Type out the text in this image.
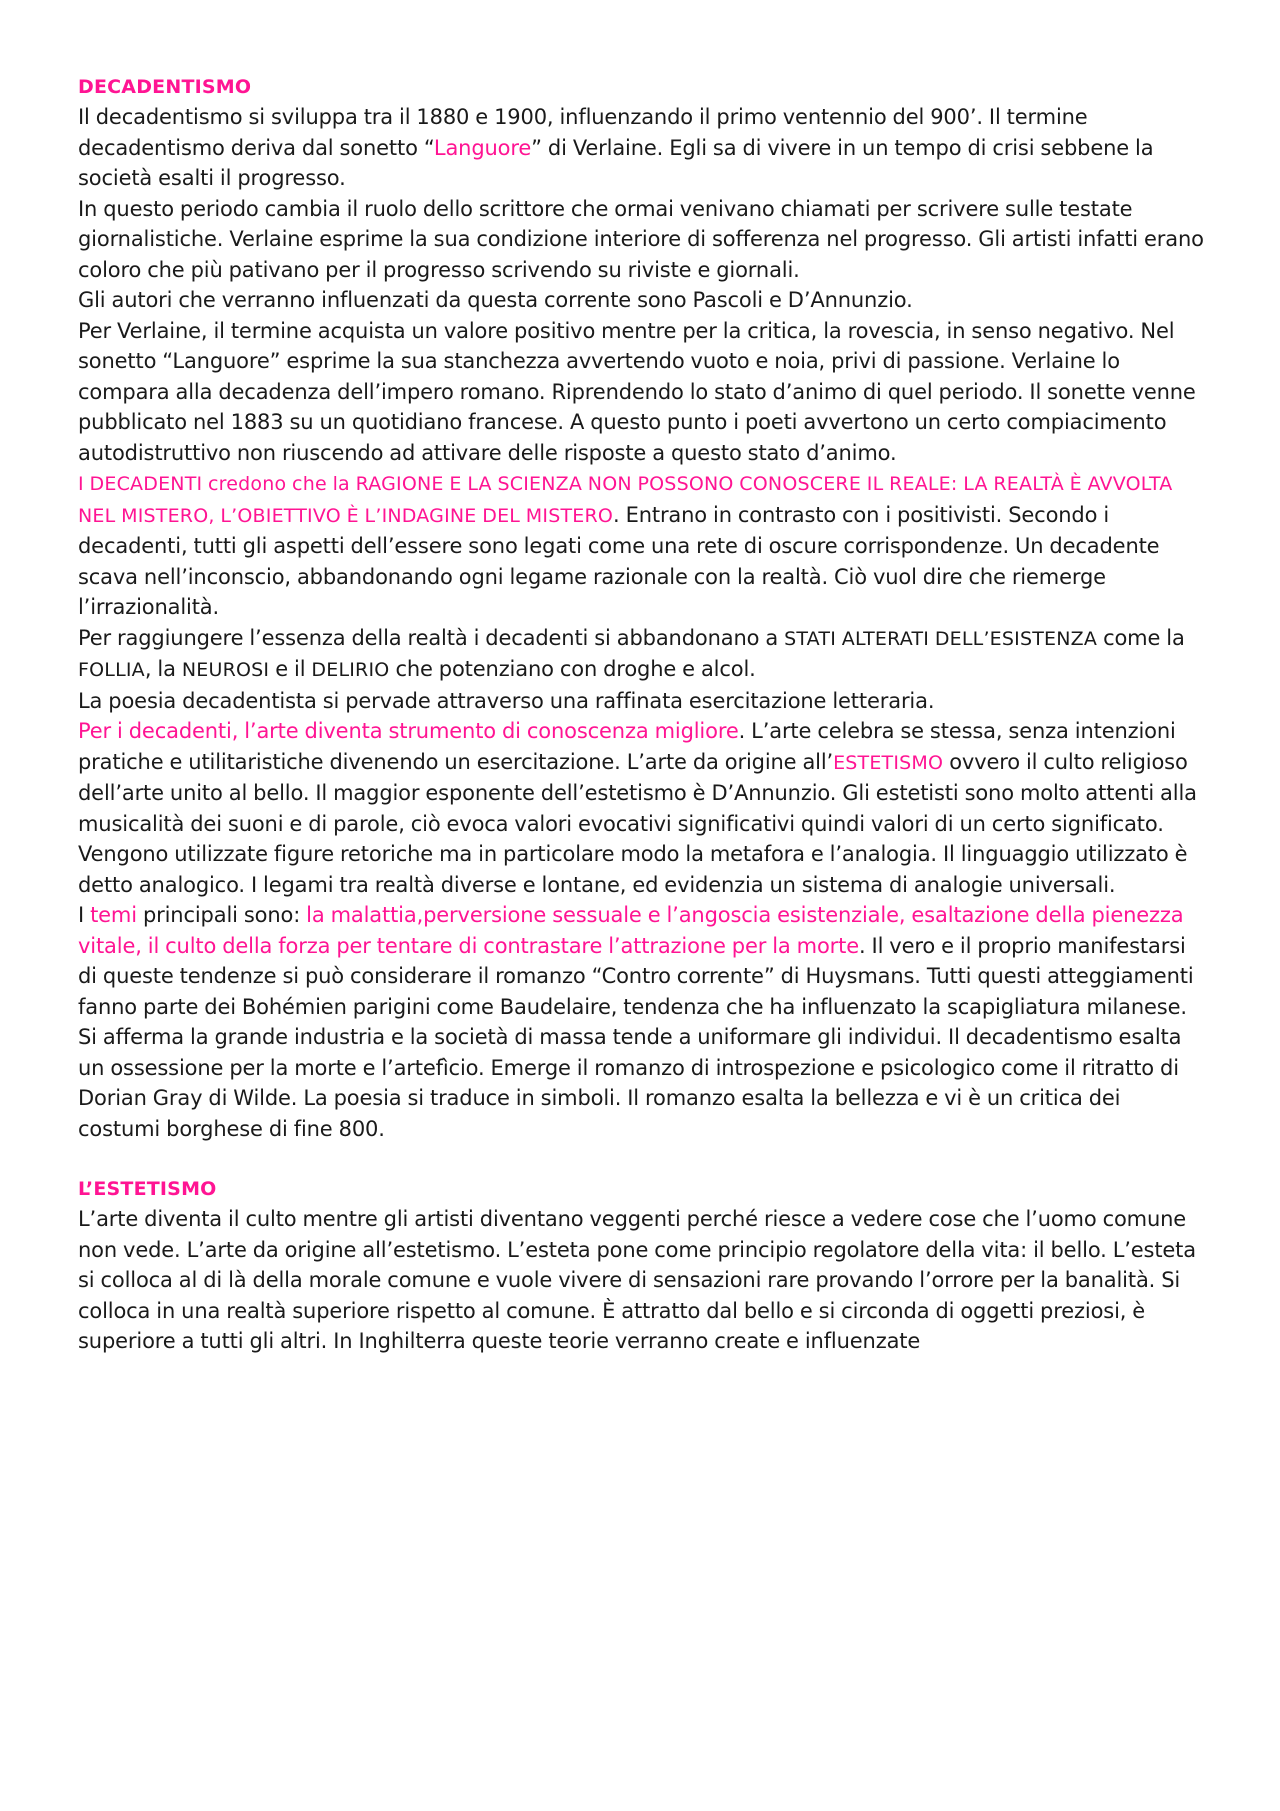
DECADENTISMO

Il decadentismo si sviluppa tra il 1880 e 1900, influenzando il primo ventennio del 900’. Il termine decadentismo deriva dal sonetto “Languore” di Verlaine. Egli sa di vivere in un tempo di crisi sebbene la società esalti il progresso.

In questo periodo cambia il ruolo dello scrittore che ormai venivano chiamati per scrivere sulle testate giornalistiche. Verlaine esprime la sua condizione interiore di sofferenza nel progresso. Gli artisti infatti erano coloro che più pativano per il progresso scrivendo su riviste e giornali.

Gli autori che verranno influenzati da questa corrente sono Pascoli e D’Annunzio.

Per Verlaine, il termine acquista un valore positivo mentre per la critica, la rovescia, in senso negativo. Nel sonetto “Languore” esprime la sua stanchezza avvertendo vuoto e noia, privi di passione. Verlaine lo compara alla decadenza dell’impero romano. Riprendendo lo stato d’animo di quel periodo. Il sonette venne pubblicato nel 1883 su un quotidiano francese. A questo punto i poeti avvertono un certo compiacimento autodistruttivo non riuscendo ad attivare delle risposte a questo stato d’animo.

I DECADENTI credono che la RAGIONE E LA SCIENZA NON POSSONO CONOSCERE IL REALE: LA REALTÀ È AVVOLTA NEL MISTERO, L’OBIETTIVO È L’INDAGINE DEL MISTERO. Entrano in contrasto con i positivisti. Secondo i decadenti, tutti gli aspetti dell’essere sono legati come una rete di oscure corrispondenze. Un decadente scava nell’inconscio, abbandonando ogni legame razionale con la realtà. Ciò vuol dire che riemerge l’irrazionalità.

Per raggiungere l’essenza della realtà i decadenti si abbandonano a STATI ALTERATI DELL’ESISTENZA come la FOLLIA, la NEUROSI e il DELIRIO che potenziano con droghe e alcol.

La poesia decadentista si pervade attraverso una raffinata esercitazione letteraria.

Per i decadenti, l’arte diventa strumento di conoscenza migliore. L’arte celebra se stessa, senza intenzioni pratiche e utilitaristiche divenendo un esercitazione. L’arte da origine all’ESTETISMO ovvero il culto religioso dell’arte unito al bello. Il maggior esponente dell’estetismo è D’Annunzio. Gli estetisti sono molto attenti alla musicalità dei suoni e di parole, ciò evoca valori evocativi significativi quindi valori di un certo significato. Vengono utilizzate figure retoriche ma in particolare modo la metafora e l’analogia. Il linguaggio utilizzato è detto analogico. I legami tra realtà diverse e lontane, ed evidenzia un sistema di analogie universali.

I temi principali sono: la malattia,perversione sessuale e l’angoscia esistenziale, esaltazione della pienezza vitale, il culto della forza per tentare di contrastare l’attrazione per la morte. Il vero e il proprio manifestarsi di queste tendenze si può considerare il romanzo “Contro corrente” di Huysmans. Tutti questi atteggiamenti fanno parte dei Bohémien parigini come Baudelaire, tendenza che ha influenzato la scapigliatura milanese.

Si afferma la grande industria e la società di massa tende a uniformare gli individui. Il decadentismo esalta un ossessione per la morte e l’artefìcio. Emerge il romanzo di introspezione e psicologico come il ritratto di Dorian Gray di Wilde. La poesia si traduce in simboli. Il romanzo esalta la bellezza e vi è un critica dei costumi borghese di fine 800.

L’ESTETISMO

L’arte diventa il culto mentre gli artisti diventano veggenti perché riesce a vedere cose che l’uomo comune non vede. L’arte da origine all’estetismo. L’esteta pone come principio regolatore della vita: il bello. L’esteta si colloca al di là della morale comune e vuole vivere di sensazioni rare provando l’orrore per la banalità. Si colloca in una realtà superiore rispetto al comune. È attratto dal bello e si circonda di oggetti preziosi, è superiore a tutti gli altri. In Inghilterra queste teorie verranno create e influenzate
